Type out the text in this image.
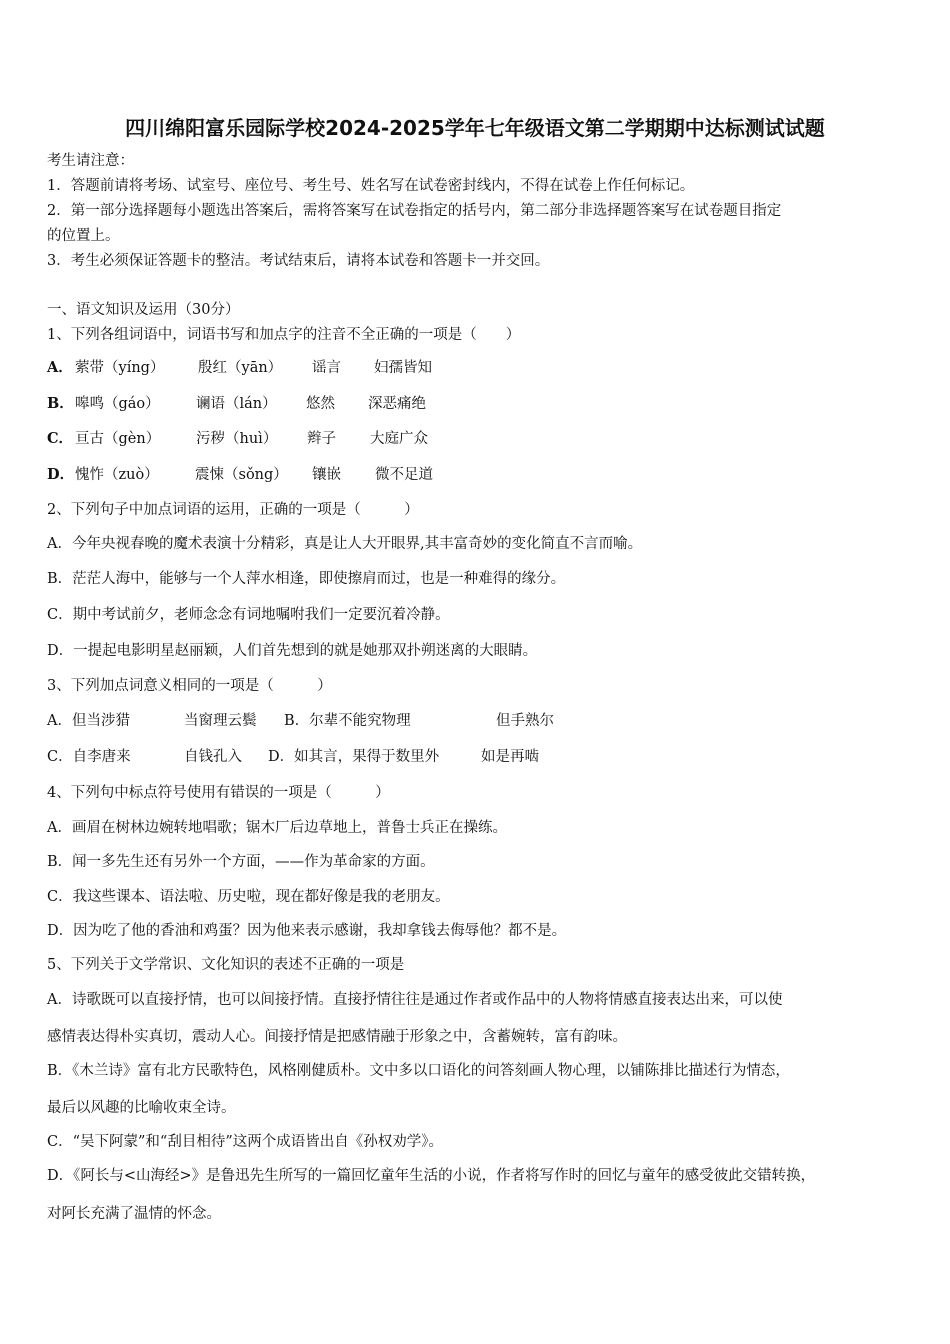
四川绵阳富乐园际学校2024-2025学年七年级语文第二学期期中达标测试试题
考生请注意：
1．答题前请将考场、试室号、座位号、考生号、姓名写在试卷密封线内，不得在试卷上作任何标记。
2．第一部分选择题每小题选出答案后，需将答案写在试卷指定的括号内，第二部分非选择题答案写在试卷题目指定
的位置上。
3．考生必须保证答题卡的整洁。考试结束后，请将本试卷和答题卡一并交回。
一、语文知识及运用（30分）
1、下列各组词语中，词语书写和加点字的注音不全正确的一项是（　　）
A． 萦带（yíng） 殷红（yān） 谣言 妇孺皆知
B． 嗥鸣（gáo）	谰语（lán） 悠然 深恶痛绝
C． 亘古（gèn） 污秽（huì） 辫子 大庭广众
D． 愧怍（zuò）	震悚（sǒng） 镶嵌 微不足道
2、下列句子中加点词语的运用，正确的一项是（　　　）
A．今年央视春晚的魔术表演十分精彩，真是让人大开眼界,其丰富奇妙的变化简直不言而喻。
B．茫茫人海中，能够与一个人萍水相逢，即使擦肩而过，也是一种难得的缘分。
C．期中考试前夕，老师念念有词地嘱咐我们一定要沉着冷静。
D．一提起电影明星赵丽颖，人们首先想到的就是她那双扑朔迷离的大眼睛。
3、下列加点词意义相同的一项是（　　　）
A．但当涉猎	当窗理云鬓 B．尔辈不能究物理	但手熟尔
C．自李唐来	自钱孔入 D．如其言，果得于数里外	如是再啮
4、下列句中标点符号使用有错误的一项是（　　　）
A．画眉在树林边婉转地唱歌；锯木厂后边草地上，普鲁士兵正在操练。
B．闻一多先生还有另外一个方面，——作为革命家的方面。
C．我这些课本、语法啦、历史啦，现在都好像是我的老朋友。
D．因为吃了他的香油和鸡蛋？因为他来表示感谢，我却拿钱去侮辱他？都不是。
5、下列关于文学常识、文化知识的表述不正确的一项是
A．诗歌既可以直接抒情，也可以间接抒情。直接抒情往往是通过作者或作品中的人物将情感直接表达出来，可以使
感情表达得朴实真切，震动人心。间接抒情是把感情融于形象之中，含蓄婉转，富有韵味。
B．《木兰诗》富有北方民歌特色，风格刚健质朴。文中多以口语化的问答刻画人物心理，以铺陈排比描述行为情态，
最后以风趣的比喻收束全诗。
C．“吴下阿蒙”和“刮目相待”这两个成语皆出自《孙权劝学》。
D．《阿长与<山海经>》是鲁迅先生所写的一篇回忆童年生活的小说，作者将写作时的回忆与童年的感受彼此交错转换，
对阿长充满了温情的怀念。
